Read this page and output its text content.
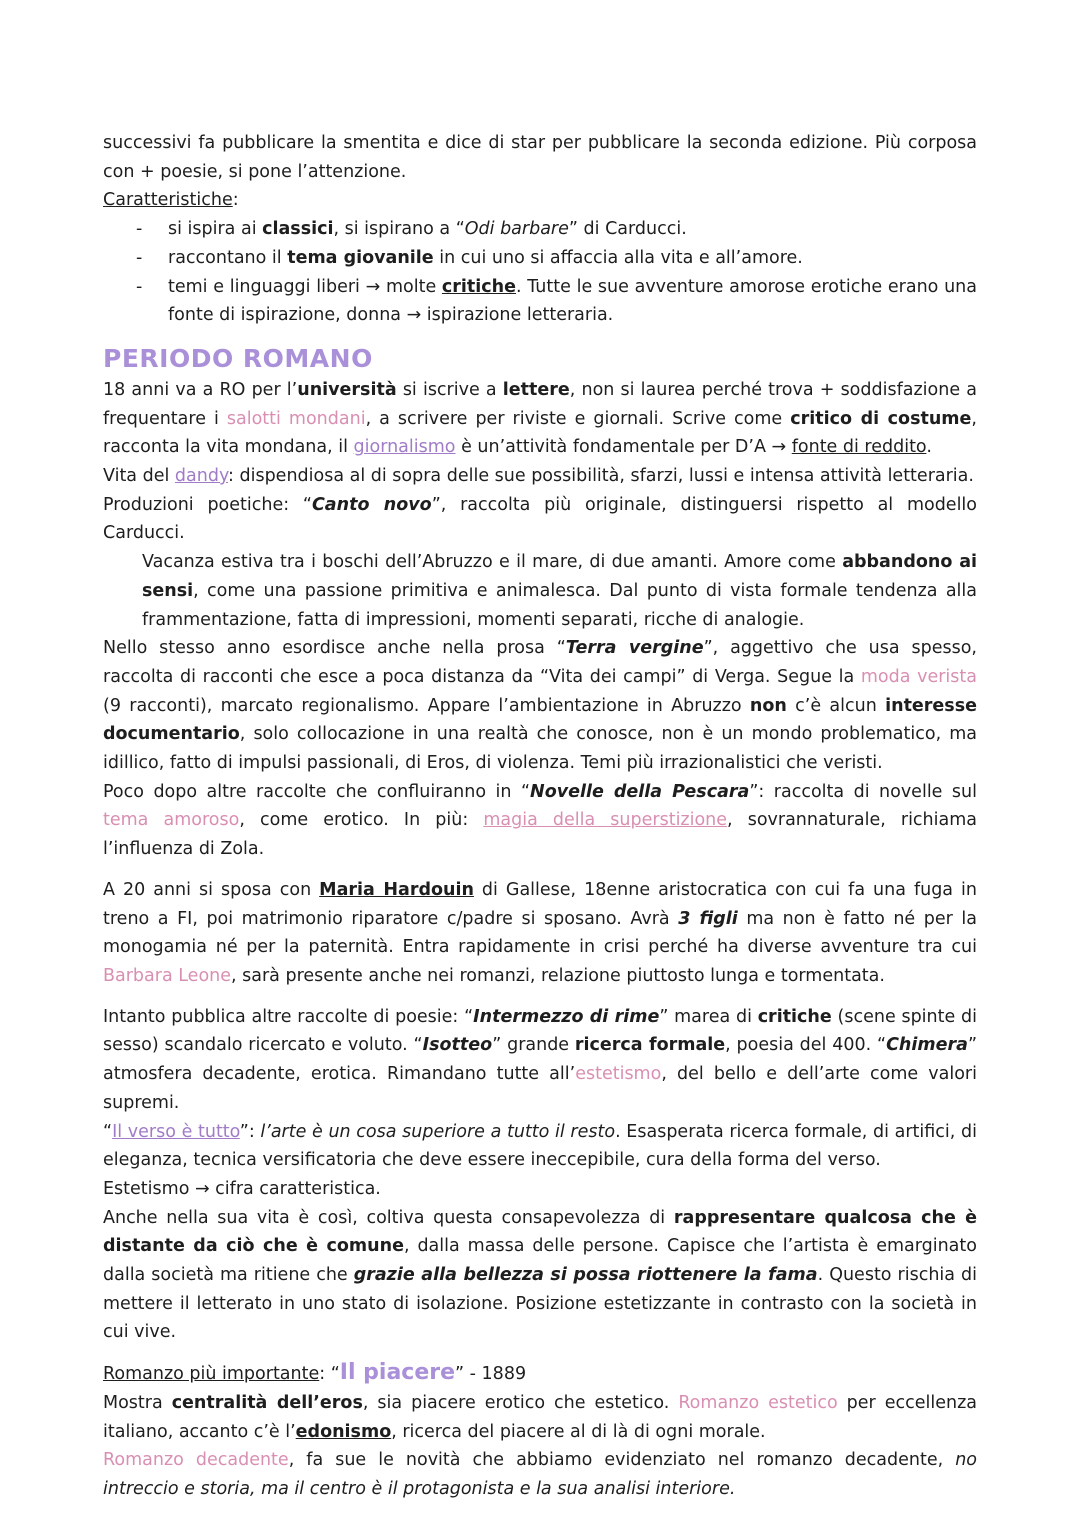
successivi fa pubblicare la smentita e dice di star per pubblicare la seconda edizione. Più corposa con + poesie, si pone l’attenzione.

Caratteristiche:

- si ispira ai classici, si ispirano a “Odi barbare” di Carducci.
- raccontano il tema giovanile in cui uno si affaccia alla vita e all’amore.
- temi e linguaggi liberi → molte critiche. Tutte le sue avventure amorose erotiche erano una fonte di ispirazione, donna → ispirazione letteraria.
PERIODO ROMANO

18 anni va a RO per l’università si iscrive a lettere, non si laurea perché trova + soddisfazione a frequentare i salotti mondani, a scrivere per riviste e giornali. Scrive come critico di costume, racconta la vita mondana, il giornalismo è un’attività fondamentale per D’A → fonte di reddito.

Vita del dandy: dispendiosa al di sopra delle sue possibilità, sfarzi, lussi e intensa attività letteraria.

Produzioni poetiche: “Canto novo”, raccolta più originale, distinguersi rispetto al modello Carducci.

Vacanza estiva tra i boschi dell’Abruzzo e il mare, di due amanti. Amore come abbandono ai sensi, come una passione primitiva e animalesca. Dal punto di vista formale tendenza alla frammentazione, fatta di impressioni, momenti separati, ricche di analogie.

Nello stesso anno esordisce anche nella prosa “Terra vergine”, aggettivo che usa spesso, raccolta di racconti che esce a poca distanza da “Vita dei campi” di Verga. Segue la moda verista (9 racconti), marcato regionalismo. Appare l’ambientazione in Abruzzo non c’è alcun interesse documentario, solo collocazione in una realtà che conosce, non è un mondo problematico, ma idillico, fatto di impulsi passionali, di Eros, di violenza. Temi più irrazionalistici che veristi.

Poco dopo altre raccolte che confluiranno in “Novelle della Pescara”: raccolta di novelle sul tema amoroso, come erotico. In più: magia della superstizione, sovrannaturale, richiama l’influenza di Zola.

A 20 anni si sposa con Maria Hardouin di Gallese, 18enne aristocratica con cui fa una fuga in treno a FI, poi matrimonio riparatore c/padre si sposano. Avrà 3 figli ma non è fatto né per la monogamia né per la paternità. Entra rapidamente in crisi perché ha diverse avventure tra cui Barbara Leone, sarà presente anche nei romanzi, relazione piuttosto lunga e tormentata.

Intanto pubblica altre raccolte di poesie: “Intermezzo di rime” marea di critiche (scene spinte di sesso) scandalo ricercato e voluto. “Isotteo” grande ricerca formale, poesia del 400. “Chimera” atmosfera decadente, erotica. Rimandano tutte all’estetismo, del bello e dell’arte come valori supremi.

“Il verso è tutto”: l’arte è un cosa superiore a tutto il resto. Esasperata ricerca formale, di artifici, di eleganza, tecnica versificatoria che deve essere ineccepibile, cura della forma del verso.

Estetismo → cifra caratteristica.

Anche nella sua vita è così, coltiva questa consapevolezza di rappresentare qualcosa che è distante da ciò che è comune, dalla massa delle persone. Capisce che l’artista è emarginato dalla società ma ritiene che grazie alla bellezza si possa riottenere la fama. Questo rischia di mettere il letterato in uno stato di isolazione. Posizione estetizzante in contrasto con la società in cui vive.

Romanzo più importante: “Il piacere” - 1889

Mostra centralità dell’eros, sia piacere erotico che estetico. Romanzo estetico per eccellenza italiano, accanto c’è l’edonismo, ricerca del piacere al di là di ogni morale.

Romanzo decadente, fa sue le novità che abbiamo evidenziato nel romanzo decadente, no intreccio e storia, ma il centro è il protagonista e la sua analisi interiore.
